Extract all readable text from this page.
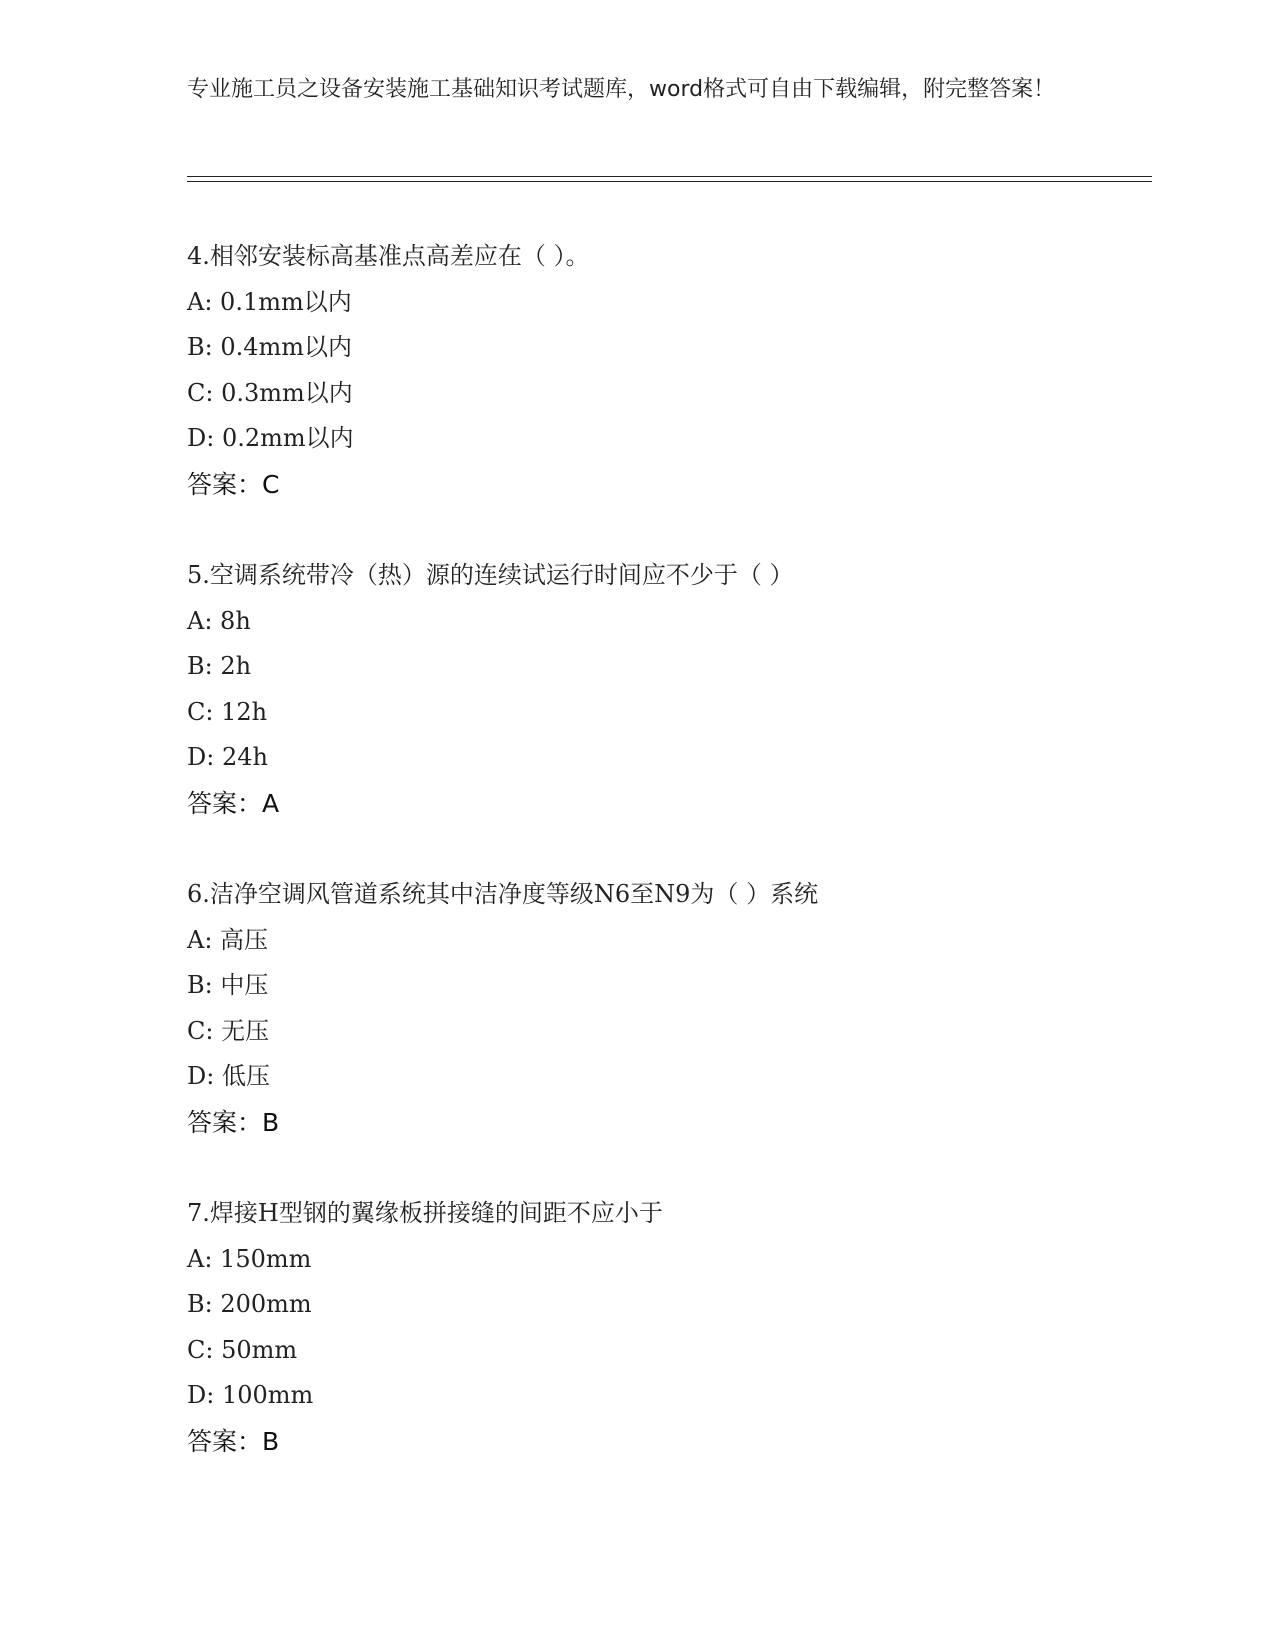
专业施工员之设备安装施工基础知识考试题库，word格式可自由下载编辑，附完整答案！
4.相邻安装标高基准点高差应在（ ）。
A: 0.1mm以内
B: 0.4mm以内
C: 0.3mm以内
D: 0.2mm以内
答案：C
5.空调系统带冷（热）源的连续试运行时间应不少于（ ）
A: 8h
B: 2h
C: 12h
D: 24h
答案：A
6.洁净空调风管道系统其中洁净度等级N6至N9为（ ）系统
A: 高压
B: 中压
C: 无压
D: 低压
答案：B
7.焊接H型钢的翼缘板拼接缝的间距不应小于
A: 150mm
B: 200mm
C: 50mm
D: 100mm
答案：B
